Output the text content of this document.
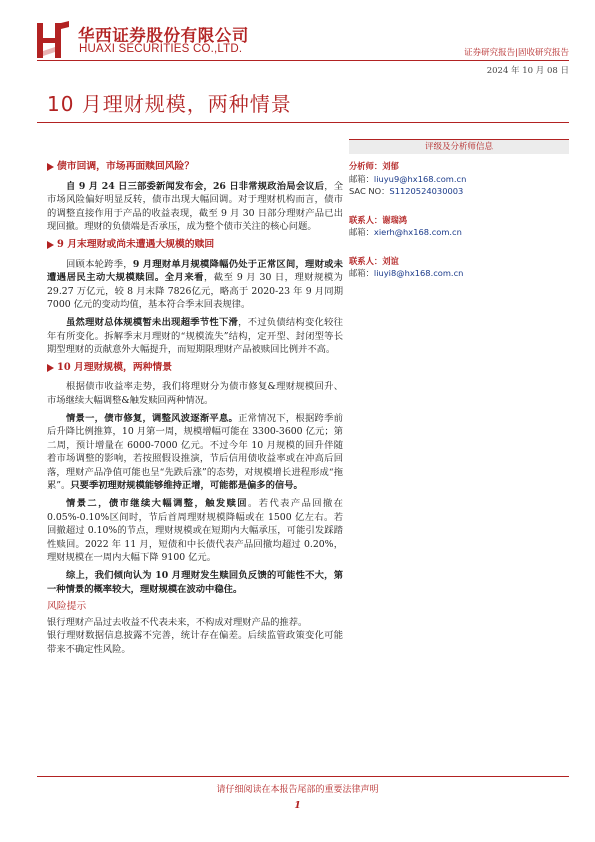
华西证券股份有限公司
HUAXI SECURITIES CO.,LTD.	证券研究报告|固收研究报告
2024 年 10 月 08 日
10 月理财规模，两种情景
债市回调，市场再面赎回风险？

自 9 月 24 日三部委新闻发布会，26 日非常规政治局会议后，全市场风险偏好明显反转，债市出现大幅回调。对于理财机构而言，债市的调整直接作用于产品的收益表现，截至 9 月 30 日部分理财产品已出现回撤。理财的负债端是否承压，成为整个债市关注的核心问题。

9 月末理财或尚未遭遇大规模的赎回

回顾本轮跨季，9 月理财单月规模降幅仍处于正常区间，理财或未遭遇居民主动大规模赎回。全月来看，截至 9 月 30 日，理财规模为 29.27 万亿元，较 8 月末降 7826亿元，略高于 2020-23 年 9 月同期 7000 亿元的变动均值，基本符合季末回表规律。

虽然理财总体规模暂未出现超季节性下滑，不过负债结构变化较往年有所变化。拆解季末月理财的“规模流失”结构，定开型、封闭型等长期型理财的贡献意外大幅提升，而短期限理财产品被赎回比例并不高。

10 月理财规模，两种情景

根据债市收益率走势，我们将理财分为债市修复&理财规模回升、市场继续大幅调整&触发赎回两种情况。

情景一，债市修复，调整风波逐渐平息。正常情况下，根据跨季前后升降比例推算，10 月第一周，规模增幅可能在 3300-3600 亿元；第二周，预计增量在 6000-7000 亿元。不过今年 10 月规模的回升伴随着市场调整的影响，若按照假设推演，节后信用债收益率或在冲高后回落，理财产品净值可能也呈“先跌后涨”的态势，对规模增长进程形成“拖累”。只要季初理财规模能够维持正增，可能都是偏多的信号。

情景二，债市继续大幅调整，触发赎回。若代表产品回撤在 0.05%-0.10%区间时，节后首周理财规模降幅或在 1500 亿左右。若回撤超过 0.10%的节点，理财规模或在短期内大幅承压，可能引发踩踏性赎回。2022 年 11 月，短债和中长债代表产品回撤均超过 0.20%，理财规模在一周内大幅下降 9100 亿元。

综上，我们倾向认为 10 月理财发生赎回负反馈的可能性不大，第一种情景的概率较大，理财规模在波动中稳住。

风险提示

银行理财产品过去收益不代表未来，不构成对理财产品的推荐。

银行理财数据信息披露不完善，统计存在偏差。后续监管政策变化可能带来不确定性风险。

评级及分析师信息

分析师：刘郁

邮箱：liuyu9@hx168.com.cn

SAC NO：S1120524030003

联系人：谢瑞鸿

邮箱：xierh@hx168.com.cn

联系人：刘谊

邮箱：liuyi8@hx168.com.cn

请仔细阅读在本报告尾部的重要法律声明
1
